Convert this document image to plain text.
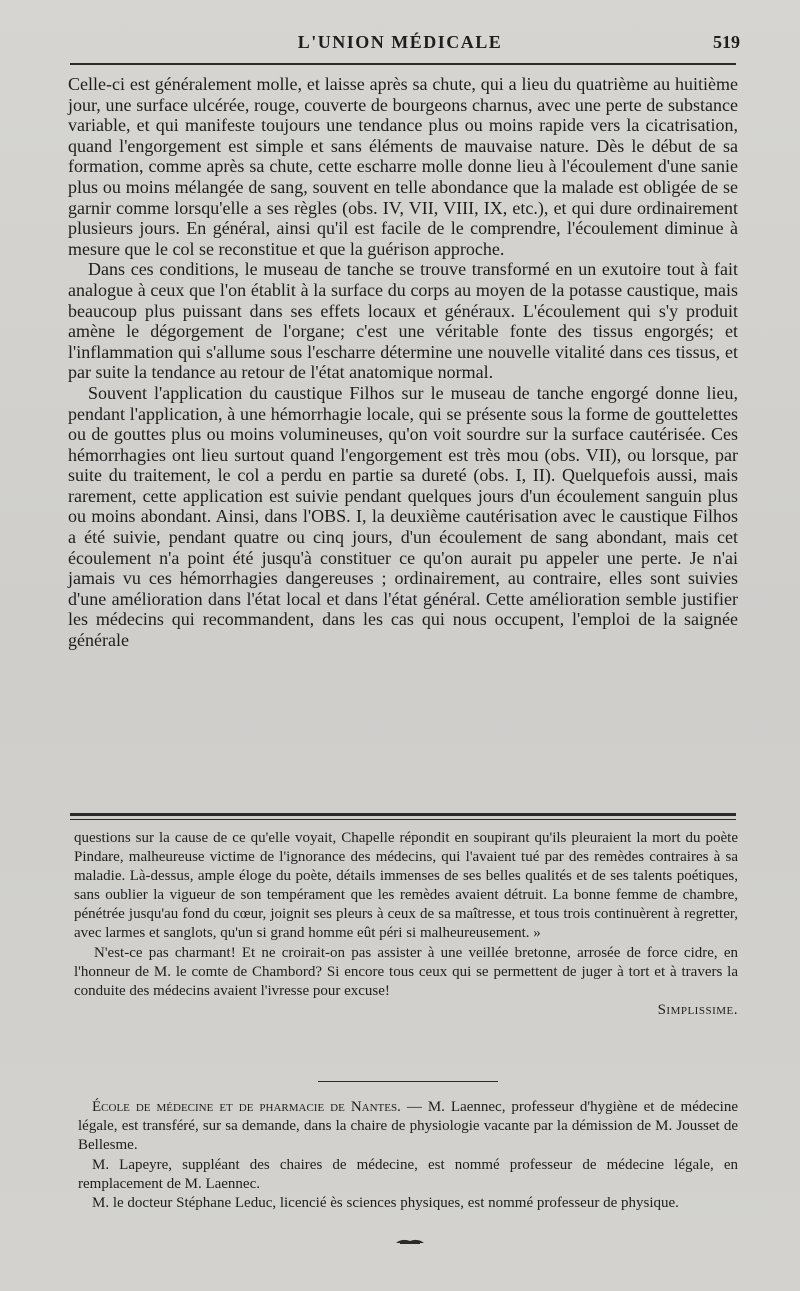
L'UNION MÉDICALE	519

Celle-ci est généralement molle, et laisse après sa chute, qui a lieu du quatrième au huitième jour, une surface ulcérée, rouge, couverte de bourgeons charnus, avec une perte de substance variable, et qui manifeste toujours une tendance plus ou moins rapide vers la cicatrisation, quand l'engorgement est simple et sans éléments de mauvaise nature. Dès le début de sa formation, comme après sa chute, cette escharre molle donne lieu à l'écoulement d'une sanie plus ou moins mélangée de sang, souvent en telle abondance que la malade est obligée de se garnir comme lorsqu'elle a ses règles (obs. IV, VII, VIII, IX, etc.), et qui dure ordinairement plusieurs jours. En général, ainsi qu'il est facile de le comprendre, l'écoulement diminue à mesure que le col se reconstitue et que la guérison approche.

Dans ces conditions, le museau de tanche se trouve transformé en un exutoire tout à fait analogue à ceux que l'on établit à la surface du corps au moyen de la potasse caustique, mais beaucoup plus puissant dans ses effets locaux et généraux. L'écoulement qui s'y produit amène le dégorgement de l'organe; c'est une véritable fonte des tissus engorgés; et l'inflammation qui s'allume sous l'escharre détermine une nouvelle vitalité dans ces tissus, et par suite la tendance au retour de l'état anatomique normal.

Souvent l'application du caustique Filhos sur le museau de tanche engorgé donne lieu, pendant l'application, à une hémorrhagie locale, qui se présente sous la forme de gouttelettes ou de gouttes plus ou moins volumineuses, qu'on voit sourdre sur la surface cautérisée. Ces hémorrhagies ont lieu surtout quand l'engorgement est très mou (obs. VII), ou lorsque, par suite du traitement, le col a perdu en partie sa dureté (obs. I, II). Quelquefois aussi, mais rarement, cette application est suivie pendant quelques jours d'un écoulement sanguin plus ou moins abondant. Ainsi, dans l'OBS. I, la deuxième cautérisation avec le caustique Filhos a été suivie, pendant quatre ou cinq jours, d'un écoulement de sang abondant, mais cet écoulement n'a point été jusqu'à constituer ce qu'on aurait pu appeler une perte. Je n'ai jamais vu ces hémorrhagies dangereuses ; ordinairement, au contraire, elles sont suivies d'une amélioration dans l'état local et dans l'état général. Cette amélioration semble justifier les médecins qui recommandent, dans les cas qui nous occupent, l'emploi de la saignée générale

questions sur la cause de ce qu'elle voyait, Chapelle répondit en soupirant qu'ils pleuraient la mort du poète Pindare, malheureuse victime de l'ignorance des médecins, qui l'avaient tué par des remèdes contraires à sa maladie. Là-dessus, ample éloge du poète, détails immenses de ses belles qualités et de ses talents poétiques, sans oublier la vigueur de son tempérament que les remèdes avaient détruit. La bonne femme de chambre, pénétrée jusqu'au fond du cœur, joignit ses pleurs à ceux de sa maîtresse, et tous trois continuèrent à regretter, avec larmes et sanglots, qu'un si grand homme eût péri si malheureusement. »

N'est-ce pas charmant! Et ne croirait-on pas assister à une veillée bretonne, arrosée de force cidre, en l'honneur de M. le comte de Chambord? Si encore tous ceux qui se permettent de juger à tort et à travers la conduite des médecins avaient l'ivresse pour excuse!

Simplissime.

École de médecine et de pharmacie de Nantes. — M. Laennec, professeur d'hygiène et de médecine légale, est transféré, sur sa demande, dans la chaire de physiologie vacante par la démission de M. Jousset de Bellesme.

M. Lapeyre, suppléant des chaires de médecine, est nommé professeur de médecine légale, en remplacement de M. Laennec.

M. le docteur Stéphane Leduc, licencié ès sciences physiques, est nommé professeur de physique.
